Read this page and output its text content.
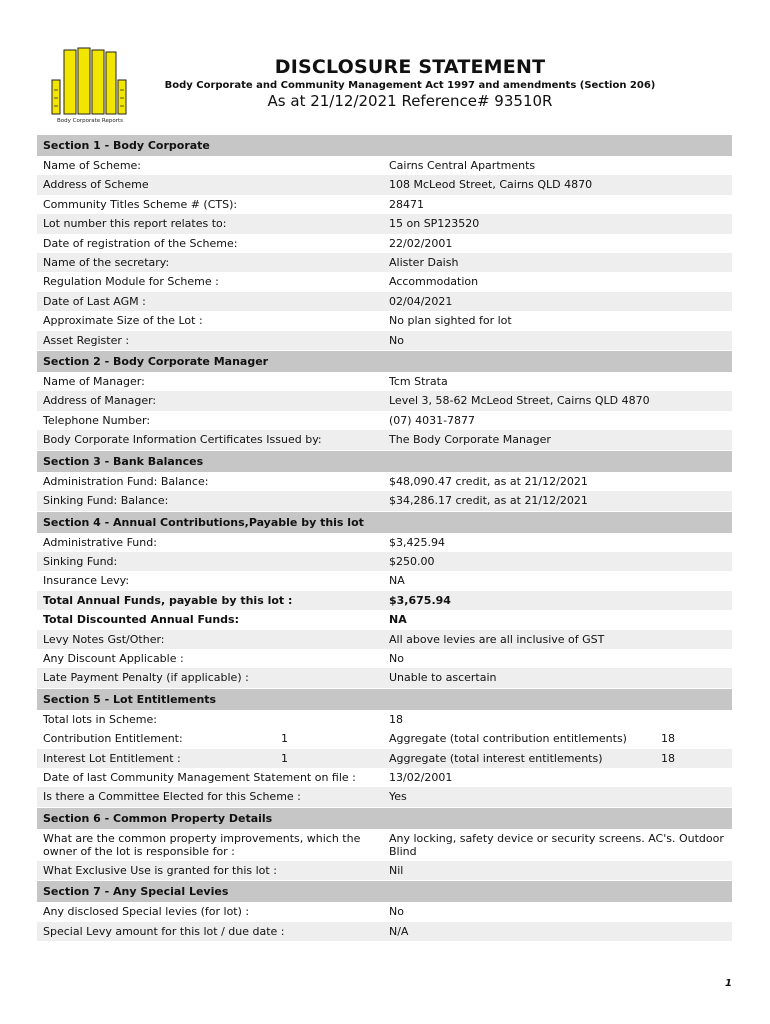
Body Corporate Reports
DISCLOSURE STATEMENT
Body Corporate and Community Management Act 1997 and amendments (Section 206)
As at 21/12/2021 Reference# 93510R
Section 1 - Body Corporate
Name of Scheme:	Cairns Central Apartments
Address of Scheme	108 McLeod Street, Cairns QLD 4870
Community Titles Scheme # (CTS):	28471
Lot number this report relates to:	15 on SP123520
Date of registration of the Scheme:	22/02/2001
Name of the secretary:	Alister Daish
Regulation Module for Scheme :	Accommodation
Date of Last AGM :	02/04/2021
Approximate Size of the Lot :	No plan sighted for lot
Asset Register :	No
Section 2 - Body Corporate Manager
Name of Manager:	Tcm Strata
Address of Manager:	Level 3, 58-62 McLeod Street, Cairns QLD 4870
Telephone Number:	(07) 4031-7877
Body Corporate Information Certificates Issued by:	The Body Corporate Manager
Section 3 - Bank Balances
Administration Fund: Balance:	$48,090.47 credit, as at 21/12/2021
Sinking Fund: Balance:	$34,286.17 credit, as at 21/12/2021
Section 4 - Annual Contributions,Payable by this lot
Administrative Fund:	$3,425.94
Sinking Fund:	$250.00
Insurance Levy:	NA
Total Annual Funds, payable by this lot :	$3,675.94
Total Discounted Annual Funds:	NA
Levy Notes Gst/Other:	All above levies are all inclusive of GST
Any Discount Applicable :	No
Late Payment Penalty (if applicable) :	Unable to ascertain
Section 5 - Lot Entitlements
Total lots in Scheme:	18
Contribution Entitlement:	1	Aggregate (total contribution entitlements)	18
Interest Lot Entitlement :	1	Aggregate (total interest entitlements)	18
Date of last Community Management Statement on file :	13/02/2001
Is there a Committee Elected for this Scheme :	Yes
Section 6 - Common Property Details
What are the common property improvements, which the owner of the lot is responsible for :
Any locking, safety device or security screens. AC's. Outdoor Blind
What Exclusive Use is granted for this lot :	Nil
Section 7 - Any Special Levies
Any disclosed Special levies (for lot) :	No
Special Levy amount for this lot / due date :	N/A
1
